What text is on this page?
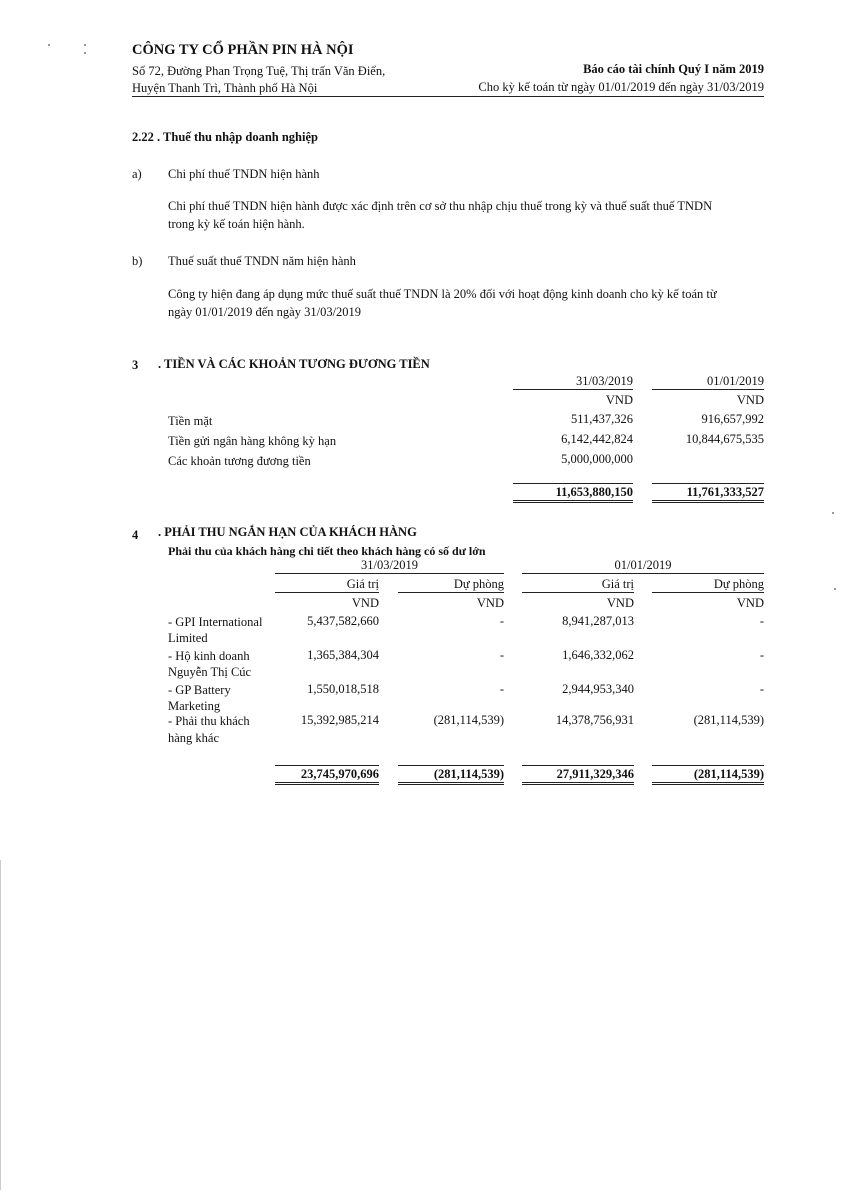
CÔNG TY CỔ PHẦN PIN HÀ NỘI
Số 72, Đường Phan Trọng Tuệ, Thị trấn Văn Điển,
Huyện Thanh Trì, Thành phố Hà Nội
Báo cáo tài chính Quý I năm 2019
Cho kỳ kế toán từ ngày 01/01/2019 đến ngày 31/03/2019
2.22 . Thuế thu nhập doanh nghiệp
a) Chi phí thuế TNDN hiện hành
Chi phí thuế TNDN hiện hành được xác định trên cơ sở thu nhập chịu thuế trong kỳ và thuế suất thuế TNDN
trong kỳ kế toán hiện hành.
b) Thuế suất thuế TNDN năm hiện hành
Công ty hiện đang áp dụng mức thuế suất thuế TNDN là 20% đối với hoạt động kinh doanh cho kỳ kế toán từ
ngày 01/01/2019 đến ngày 31/03/2019
3 . TIỀN VÀ CÁC KHOẢN TƯƠNG ĐƯƠNG TIỀN
31/03/2019	01/01/2019
VND	VND
Tiền mặt	511,437,326	916,657,992
Tiền gửi ngân hàng không kỳ hạn	6,142,442,824	10,844,675,535
Các khoản tương đương tiền	5,000,000,000
11,653,880,150	11,761,333,527
4 . PHẢI THU NGẮN HẠN CỦA KHÁCH HÀNG
Phải thu của khách hàng chi tiết theo khách hàng có số dư lớn
31/03/2019	01/01/2019
Giá trị	Dự phòng	Giá trị	Dự phòng
VND	VND	VND	VND
- GPI International
Limited
5,437,582,660	-	8,941,287,013	-
- Hộ kinh doanh
Nguyễn Thị Cúc
1,365,384,304	-	1,646,332,062	-
- GP Battery
Marketing
1,550,018,518	-	2,944,953,340	-
- Phải thu khách
hàng khác
15,392,985,214	(281,114,539)	14,378,756,931	(281,114,539)
23,745,970,696	(281,114,539)	27,911,329,346	(281,114,539)
